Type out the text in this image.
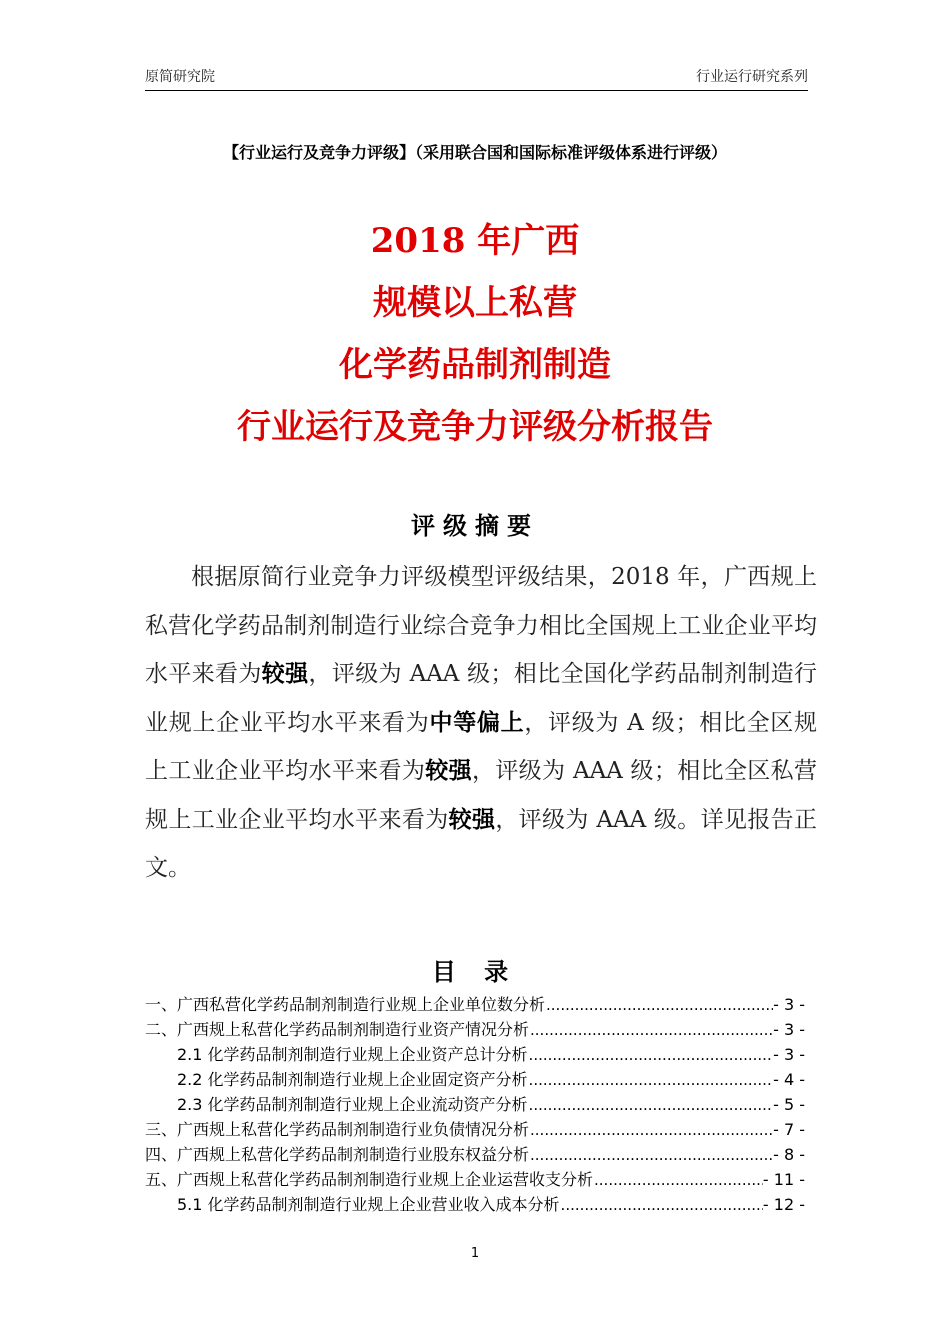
原简研究院	行业运行研究系列
【行业运行及竞争力评级】（采用联合国和国际标准评级体系进行评级）
2018 年广西
规模以上私营
化学药品制剂制造
行业运行及竞争力评级分析报告
评级摘要
根据原简行业竞争力评级模型评级结果，2018 年，广西规上私营化学药品制剂制造行业综合竞争力相比全国规上工业企业平均水平来看为较强，评级为 AAA 级；相比全国化学药品制剂制造行业规上企业平均水平来看为中等偏上，评级为 A 级；相比全区规上工业企业平均水平来看为较强，评级为 AAA 级；相比全区私营规上工业企业平均水平来看为较强，评级为 AAA 级。详见报告正文。
目 录
一、广西私营化学药品制剂制造行业规上企业单位数分析 .....	- 3 -
二、广西规上私营化学药品制剂制造行业资产情况分析 .....	- 3 -
2.1 化学药品制剂制造行业规上企业资产总计分析 .....	- 3 -
2.2 化学药品制剂制造行业规上企业固定资产分析 .....	- 4 -
2.3 化学药品制剂制造行业规上企业流动资产分析 .....	- 5 -
三、广西规上私营化学药品制剂制造行业负债情况分析 .....	- 7 -
四、广西规上私营化学药品制剂制造行业股东权益分析 .....	- 8 -
五、广西规上私营化学药品制剂制造行业规上企业运营收支分析 .....	- 11 -
5.1 化学药品制剂制造行业规上企业营业收入成本分析 .....	- 12 -
1
